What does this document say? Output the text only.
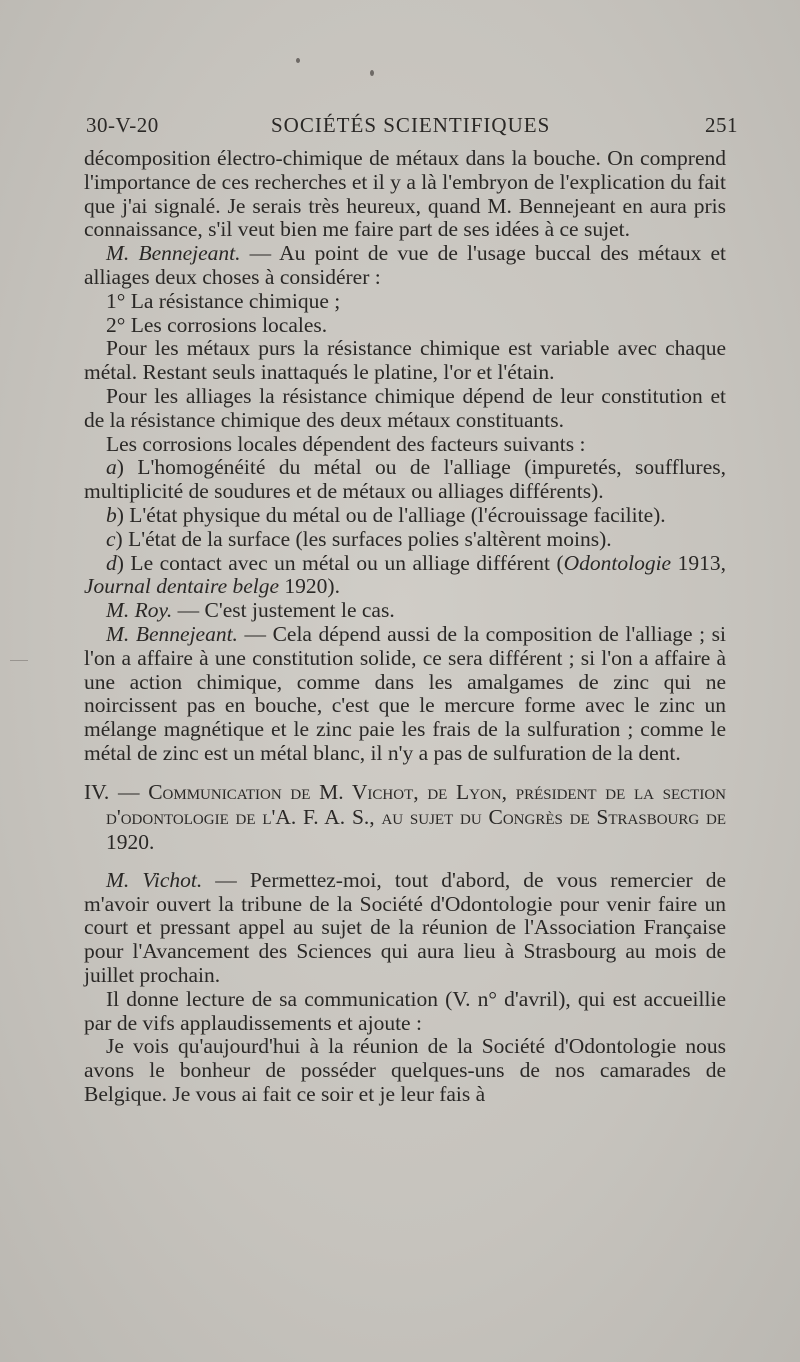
30-V-20	SOCIÉTÉS SCIENTIFIQUES	251

décomposition électro-chimique de métaux dans la bouche. On comprend l'importance de ces recherches et il y a là l'embryon de l'explication du fait que j'ai signalé. Je serais très heureux, quand M. Bennejeant en aura pris connaissance, s'il veut bien me faire part de ses idées à ce sujet.

M. Bennejeant. — Au point de vue de l'usage buccal des métaux et alliages deux choses à considérer :

1° La résistance chimique ;

2° Les corrosions locales.

Pour les métaux purs la résistance chimique est variable avec chaque métal. Restant seuls inattaqués le platine, l'or et l'étain.

Pour les alliages la résistance chimique dépend de leur constitution et de la résistance chimique des deux métaux constituants.

Les corrosions locales dépendent des facteurs suivants :

a) L'homogénéité du métal ou de l'alliage (impuretés, soufflures, multiplicité de soudures et de métaux ou alliages différents).

b) L'état physique du métal ou de l'alliage (l'écrouissage facilite).

c) L'état de la surface (les surfaces polies s'altèrent moins).

d) Le contact avec un métal ou un alliage différent (Odontologie 1913, Journal dentaire belge 1920).

M. Roy. — C'est justement le cas.

M. Bennejeant. — Cela dépend aussi de la composition de l'alliage ; si l'on a affaire à une constitution solide, ce sera différent ; si l'on a affaire à une action chimique, comme dans les amalgames de zinc qui ne noircissent pas en bouche, c'est que le mercure forme avec le zinc un mélange magnétique et le zinc paie les frais de la sulfuration ; comme le métal de zinc est un métal blanc, il n'y a pas de sulfuration de la dent.

IV. — Communication de M. Vichot, de Lyon, président de la section d'odontologie de l'A. F. A. S., au sujet du Congrès de Strasbourg de 1920.

M. Vichot. — Permettez-moi, tout d'abord, de vous remercier de m'avoir ouvert la tribune de la Société d'Odontologie pour venir faire un court et pressant appel au sujet de la réunion de l'Association Française pour l'Avancement des Sciences qui aura lieu à Strasbourg au mois de juillet prochain.

Il donne lecture de sa communication (V. n° d'avril), qui est accueillie par de vifs applaudissements et ajoute :

Je vois qu'aujourd'hui à la réunion de la Société d'Odontologie nous avons le bonheur de posséder quelques-uns de nos camarades de Belgique. Je vous ai fait ce soir et je leur fais à
